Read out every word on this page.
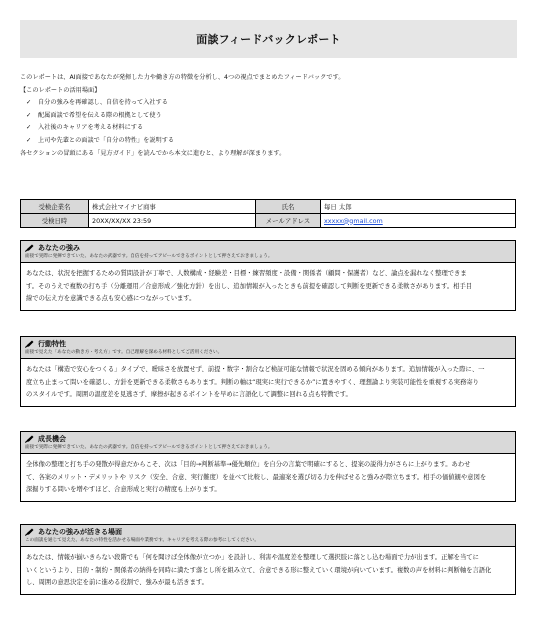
面談フィードバックレポート
このレポートは、AI面接であなたが発揮した力や働き方の特徴を分析し、4つの視点でまとめたフィードバックです。
【このレポートの活用場面】
✓ 自分の強みを再確認し、自信を持って入社する
✓ 配属面談で希望を伝える際の根拠として使う
✓ 入社後のキャリアを考える材料にする
✓ 上司や先輩との面談で「自分の特性」を説明する
各セクションの冒頭にある「見方ガイド」を読んでから本文に進むと、より理解が深まります。
受検企業名	株式会社マイナビ商事	氏名	毎日 太郎
受検日時	20XX/XX/XX 23:59	メールアドレス	xxxxx@gmail.com
あなたの強み
面接で実際に発揮できていた、あなたの武器です。自信を持ってアピールできるポイントとして押さえておきましょう。
あなたは、状況を把握するための質問設計が丁寧で、人数構成・経験差・目標・練習頻度・設備・関係者（顧問・保護者）など、論点を漏れなく整理できま
す。そのうえで複数の打ち手（分離運用／合意形成／強化方針）を出し、追加情報が入ったときも前提を確認して判断を更新できる柔軟さがあります。相手目
線での伝え方を意識できる点も安心感につながっています。
行動特性
面接で見えた「あなたの動き方・考え方」です。自己理解を深める材料としてご活用ください。
あなたは「構造で安心をつくる」タイプで、曖昧さを放置せず、前提・数字・割合など検証可能な情報で状況を固める傾向があります。追加情報が入った際に、一
度立ち止まって問いを確認し、方針を更新できる柔軟さもあります。判断の軸は“現実に実行できるか”に置きやすく、理想論より実装可能性を重視する実務寄り
のスタイルです。周囲の温度差を見逃さず、摩擦が起きるポイントを早めに言語化して調整に回れる点も特徴です。
成長機会
面接で実際に発揮できていた、あなたの武器です。自信を持ってアピールできるポイントとして押さえておきましょう。
全体像の整理と打ち手の発散が得意だからこそ、次は「目的→判断基準→優先順位」を自分の言葉で明確にすると、提案の説得力がさらに上がります。あわせ
て、各案のメリット・デメリットや リスク（安全、合意、実行難度）を並べて比較し、最適案を選び切る力を伸ばせると強みが際立ちます。相手の価値観や意図を
深掘りする問いを増やすほど、合意形成と実行の精度も上がります。
あなたの強みが活きる場面
この面談を通じて見えた、あなたの特性を活かせる場面や業務です。キャリアを考える際の参考にしてください。
あなたは、情報が揃いきらない段階でも「何を聞けば全体像が立つか」を設計し、利害や温度差を整理して選択肢に落とし込む場面で力が出ます。正解を当てに
いくというより、目的・制約・関係者の納得を同時に満たす落とし所を組み立て、合意できる形に整えていく環境が向いています。複数の声を材料に判断軸を言語化
し、周囲の意思決定を前に進める役割で、強みが最も活きます。
